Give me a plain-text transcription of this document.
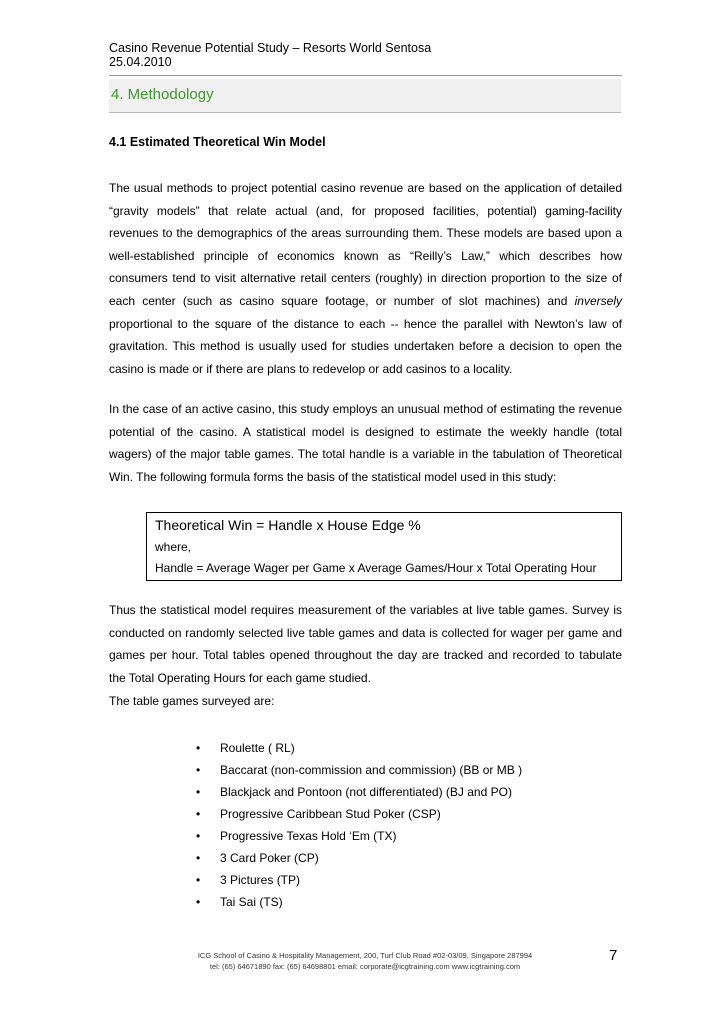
Casino Revenue Potential Study – Resorts World Sentosa
25.04.2010
4. Methodology
4.1 Estimated Theoretical Win Model

The usual methods to project potential casino revenue are based on the application of detailed “gravity models” that relate actual (and, for proposed facilities, potential) gaming-facility revenues to the demographics of the areas surrounding them. These models are based upon a well-established principle of economics known as “Reilly’s Law,” which describes how consumers tend to visit alternative retail centers (roughly) in direction proportion to the size of each center (such as casino square footage, or number of slot machines) and inversely proportional to the square of the distance to each -- hence the parallel with Newton’s law of gravitation. This method is usually used for studies undertaken before a decision to open the casino is made or if there are plans to redevelop or add casinos to a locality.

In the case of an active casino, this study employs an unusual method of estimating the revenue potential of the casino. A statistical model is designed to estimate the weekly handle (total wagers) of the major table games. The total handle is a variable in the tabulation of Theoretical Win. The following formula forms the basis of the statistical model used in this study:

Theoretical Win = Handle x House Edge %
where,
Handle = Average Wager per Game x Average Games/Hour x Total Operating Hour

Thus the statistical model requires measurement of the variables at live table games. Survey is conducted on randomly selected live table games and data is collected for wager per game and games per hour. Total tables opened throughout the day are tracked and recorded to tabulate the Total Operating Hours for each game studied.

The table games surveyed are:
• Roulette ( RL)
• Baccarat (non-commission and commission) (BB or MB )
• Blackjack and Pontoon (not differentiated) (BJ and PO)
• Progressive Caribbean Stud Poker (CSP)
• Progressive Texas Hold ‘Em (TX)
• 3 Card Poker (CP)
• 3 Pictures (TP)
• Tai Sai (TS)
ICG School of Casino & Hospitality Management, 200, Turf Club Road #02-03/09, Singapore 287994
tel: (65) 64671890 fax: (65) 64698801 email: corporate@icgtraining.com www.icgtraining.com
7
